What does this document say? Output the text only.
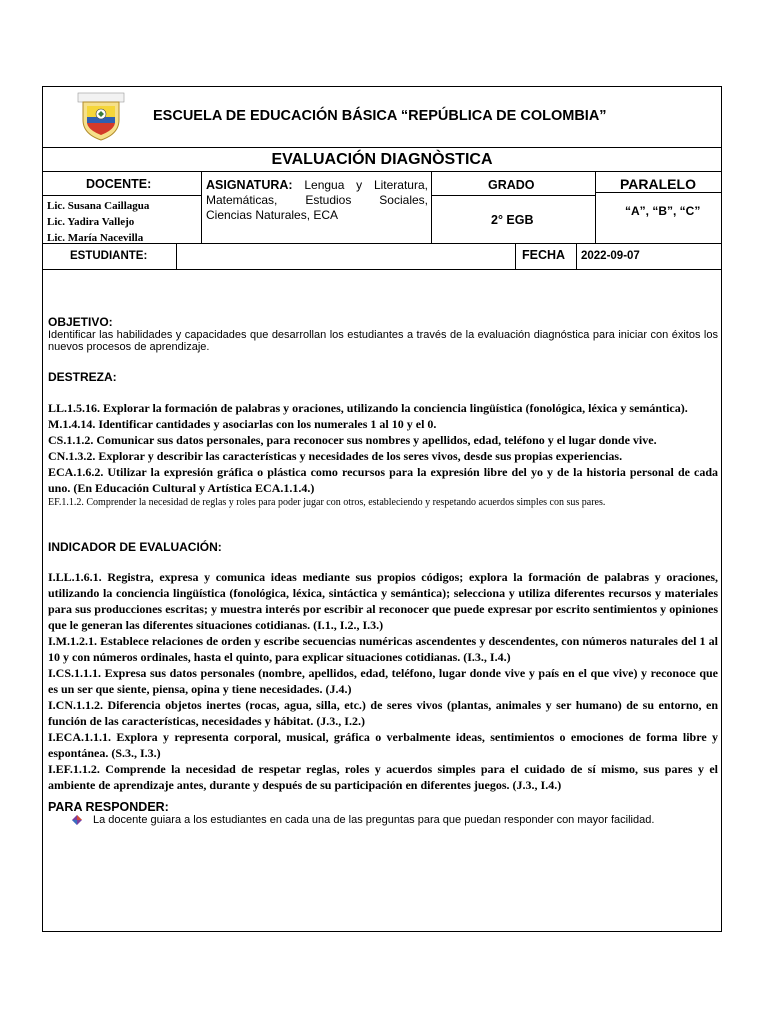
ESCUELA DE EDUCACIÓN BÁSICA “REPÚBLICA DE COLOMBIA”
EVALUACIÓN DIAGNÒSTICA
DOCENTE:
Lic. Susana Caillagua
Lic. Yadira Vallejo
Lic. María Nacevilla
ASIGNATURA: Lengua y Literatura, Matemáticas, Estudios Sociales, Ciencias Naturales, ECA
GRADO
2° EGB
PARALELO
“A”, “B”, “C”
ESTUDIANTE:	FECHA 2022-09-07
OBJETIVO:
Identificar las habilidades y capacidades que desarrollan los estudiantes a través de la evaluación diagnóstica para iniciar con éxitos los nuevos procesos de aprendizaje.
DESTREZA:
LL.1.5.16. Explorar la formación de palabras y oraciones, utilizando la conciencia lingüística (fonológica, léxica y semántica).
M.1.4.14. Identificar cantidades y asociarlas con los numerales 1 al 10 y el 0.
CS.1.1.2. Comunicar sus datos personales, para reconocer sus nombres y apellidos, edad, teléfono y el lugar donde vive.
CN.1.3.2. Explorar y describir las características y necesidades de los seres vivos, desde sus propias experiencias.
ECA.1.6.2. Utilizar la expresión gráfica o plástica como recursos para la expresión libre del yo y de la historia personal de cada uno. (En Educación Cultural y Artística ECA.1.1.4.)
EF.1.1.2. Comprender la necesidad de reglas y roles para poder jugar con otros, estableciendo y respetando acuerdos simples con sus pares.
INDICADOR DE EVALUACIÓN:
I.LL.1.6.1. Registra, expresa y comunica ideas mediante sus propios códigos; explora la formación de palabras y oraciones, utilizando la conciencia lingüística (fonológica, léxica, sintáctica y semántica); selecciona y utiliza diferentes recursos y materiales para sus producciones escritas; y muestra interés por escribir al reconocer que puede expresar por escrito sentimientos y opiniones que le generan las diferentes situaciones cotidianas. (I.1., I.2., I.3.)
I.M.1.2.1. Establece relaciones de orden y escribe secuencias numéricas ascendentes y descendentes, con números naturales del 1 al 10 y con números ordinales, hasta el quinto, para explicar situaciones cotidianas. (I.3., I.4.)
I.CS.1.1.1. Expresa sus datos personales (nombre, apellidos, edad, teléfono, lugar donde vive y país en el que vive) y reconoce que es un ser que siente, piensa, opina y tiene necesidades. (J.4.)
I.CN.1.1.2. Diferencia objetos inertes (rocas, agua, silla, etc.) de seres vivos (plantas, animales y ser humano) de su entorno, en función de las características, necesidades y hábitat. (J.3., I.2.)
I.ECA.1.1.1. Explora y representa corporal, musical, gráfica o verbalmente ideas, sentimientos o emociones de forma libre y espontánea. (S.3., I.3.)
I.EF.1.1.2. Comprende la necesidad de respetar reglas, roles y acuerdos simples para el cuidado de sí mismo, sus pares y el ambiente de aprendizaje antes, durante y después de su participación en diferentes juegos. (J.3., I.4.)
PARA RESPONDER:
La docente guiara a los estudiantes en cada una de las preguntas para que puedan responder con mayor facilidad.
